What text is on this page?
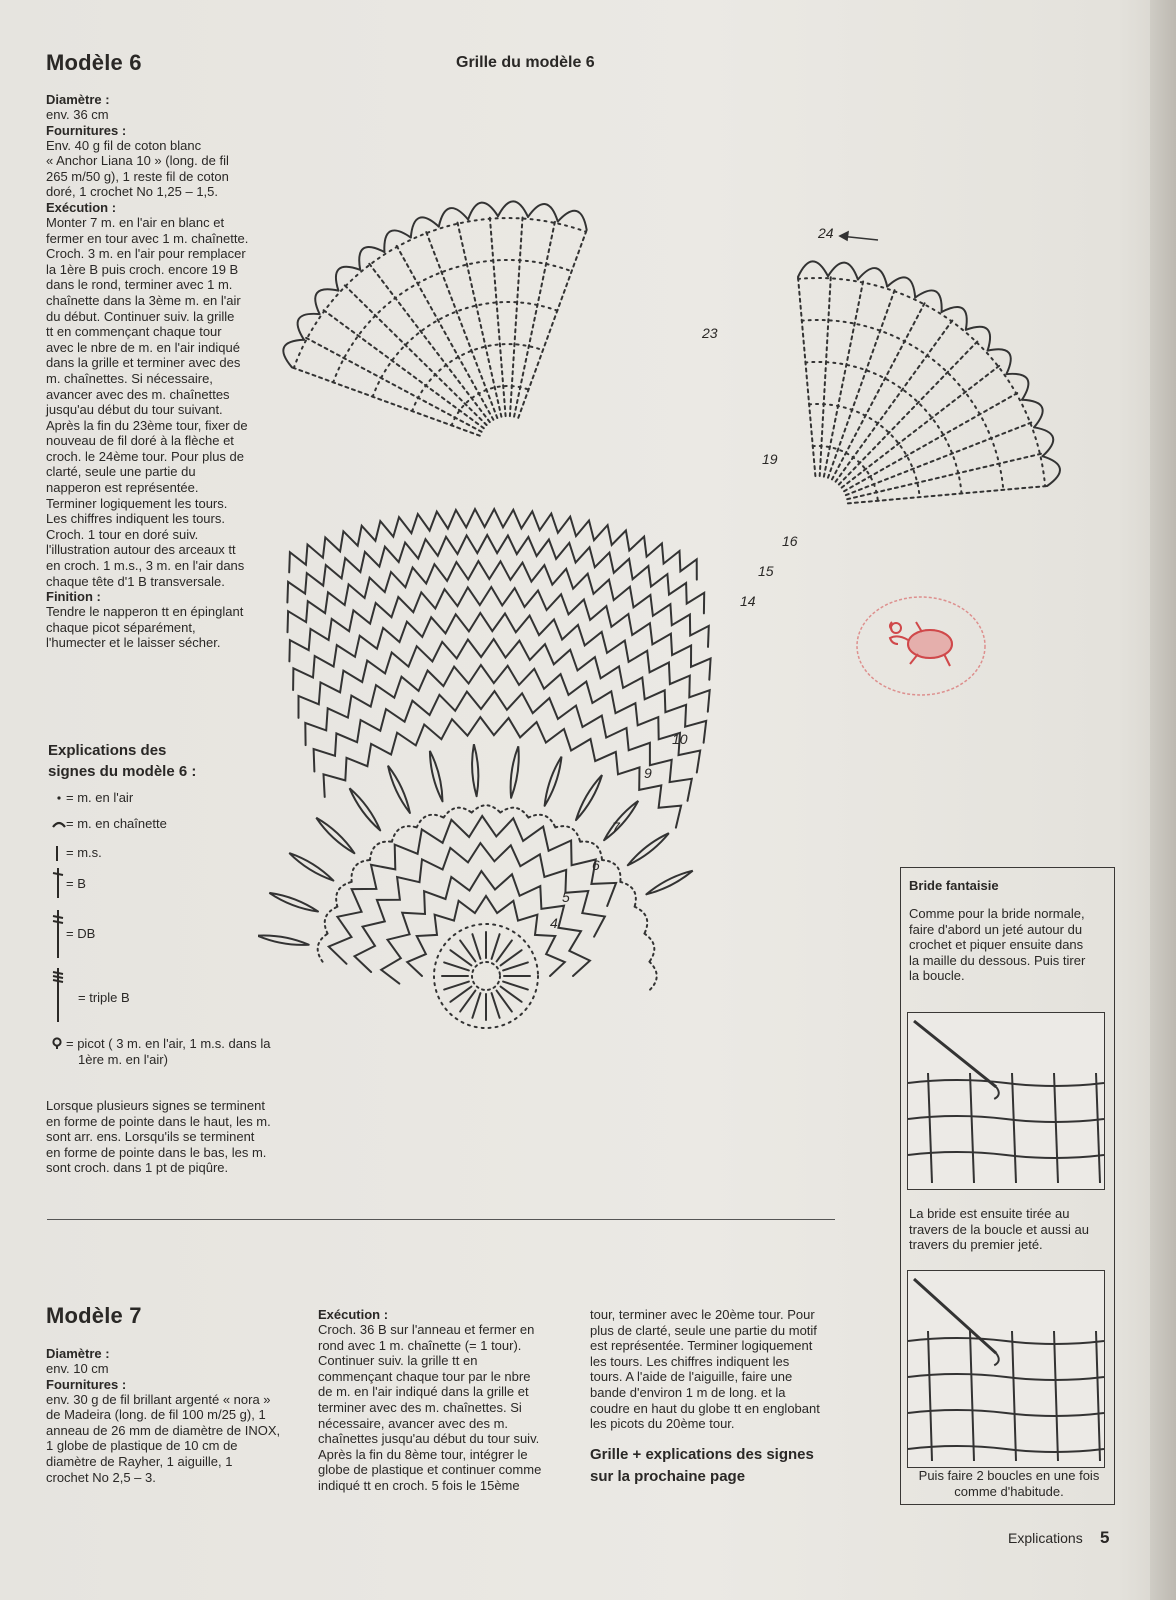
Modèle 6
Diamètre :
env. 36 cm
Fournitures :
Env. 40 g fil de coton blanc
« Anchor Liana 10 » (long. de fil
265 m/50 g), 1 reste fil de coton
doré, 1 crochet No 1,25 – 1,5.
Exécution :
Monter 7 m. en l'air en blanc et
fermer en tour avec 1 m. chaînette.
Croch. 3 m. en l'air pour remplacer
la 1ère B puis croch. encore 19 B
dans le rond, terminer avec 1 m.
chaînette dans la 3ème m. en l'air
du début. Continuer suiv. la grille
tt en commençant chaque tour
avec le nbre de m. en l'air indiqué
dans la grille et terminer avec des
m. chaînettes. Si nécessaire,
avancer avec des m. chaînettes
jusqu'au début du tour suivant.
Après la fin du 23ème tour, fixer de
nouveau de fil doré à la flèche et
croch. le 24ème tour. Pour plus de
clarté, seule une partie du
napperon est représentée.
Terminer logiquement les tours.
Les chiffres indiquent les tours.
Croch. 1 tour en doré suiv.
l'illustration autour des arceaux tt
en croch. 1 m.s., 3 m. en l'air dans
chaque tête d'1 B transversale.
Finition :
Tendre le napperon tt en épinglant
chaque picot séparément,
l'humecter et le laisser sécher.
Grille du modèle 6
Explications des
signes du modèle 6 :
= m. en l'air
= m. en chaînette
= m.s.
= B
= DB
= triple B
= picot ( 3 m. en l'air, 1 m.s. dans la
1ère m. en l'air)
Lorsque plusieurs signes se terminent
en forme de pointe dans le haut, les m.
sont arr. ens. Lorsqu'ils se terminent
en forme de pointe dans le bas, les m.
sont croch. dans 1 pt de piqûre.
24
23
19
16
15
14
10
9
7
6
5
4
Bride fantaisie
Comme pour la bride normale,
faire d'abord un jeté autour du
crochet et piquer ensuite dans
la maille du dessous. Puis tirer
la boucle.
La bride est ensuite tirée au
travers de la boucle et aussi au
travers du premier jeté.
Puis faire 2 boucles en une fois
comme d'habitude.
Modèle 7
Diamètre :
env. 10 cm
Fournitures :
env. 30 g de fil brillant argenté « nora »
de Madeira (long. de fil 100 m/25 g), 1
anneau de 26 mm de diamètre de INOX,
1 globe de plastique de 10 cm de
diamètre de Rayher, 1 aiguille, 1
crochet No 2,5 – 3.
Exécution :
Croch. 36 B sur l'anneau et fermer en
rond avec 1 m. chaînette (= 1 tour).
Continuer suiv. la grille tt en
commençant chaque tour par le nbre
de m. en l'air indiqué dans la grille et
terminer avec des m. chaînettes. Si
nécessaire, avancer avec des m.
chaînettes jusqu'au début du tour suiv.
Après la fin du 8ème tour, intégrer le
globe de plastique et continuer comme
indiqué tt en croch. 5 fois le 15ème
tour, terminer avec le 20ème tour. Pour
plus de clarté, seule une partie du motif
est représentée. Terminer logiquement
les tours. Les chiffres indiquent les
tours. A l'aide de l'aiguille, faire une
bande d'environ 1 m de long. et la
coudre en haut du globe tt en englobant
les picots du 20ème tour.
Grille + explications des signes
sur la prochaine page
Explications 5
